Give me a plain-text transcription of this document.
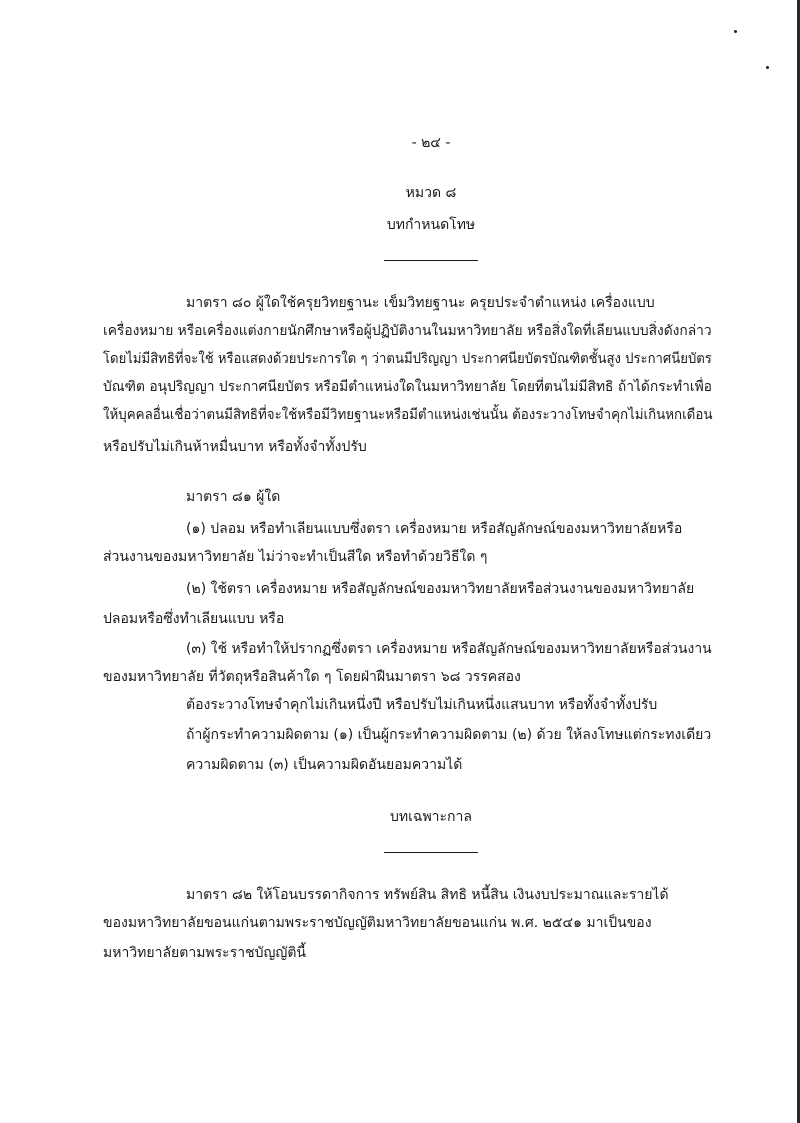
- ๒๔ -
หมวด ๘
บทกำหนดโทษ
มาตรา ๘๐ ผู้ใดใช้ครุยวิทยฐานะ เข็มวิทยฐานะ ครุยประจำตำแหน่ง เครื่องแบบ
เครื่องหมาย หรือเครื่องแต่งกายนักศึกษาหรือผู้ปฏิบัติงานในมหาวิทยาลัย หรือสิ่งใดที่เลียนแบบสิ่งดังกล่าว
โดยไม่มีสิทธิที่จะใช้ หรือแสดงด้วยประการใด ๆ ว่าตนมีปริญญา ประกาศนียบัตรบัณฑิตชั้นสูง ประกาศนียบัตร
บัณฑิต อนุปริญญา ประกาศนียบัตร หรือมีตำแหน่งใดในมหาวิทยาลัย โดยที่ตนไม่มีสิทธิ ถ้าได้กระทำเพื่อ
ให้บุคคลอื่นเชื่อว่าตนมีสิทธิที่จะใช้หรือมีวิทยฐานะหรือมีตำแหน่งเช่นนั้น ต้องระวางโทษจำคุกไม่เกินหกเดือน
หรือปรับไม่เกินห้าหมื่นบาท หรือทั้งจำทั้งปรับ
มาตรา ๘๑ ผู้ใด
(๑) ปลอม หรือทำเลียนแบบซึ่งตรา เครื่องหมาย หรือสัญลักษณ์ของมหาวิทยาลัยหรือ
ส่วนงานของมหาวิทยาลัย ไม่ว่าจะทำเป็นสีใด หรือทำด้วยวิธีใด ๆ
(๒) ใช้ตรา เครื่องหมาย หรือสัญลักษณ์ของมหาวิทยาลัยหรือส่วนงานของมหาวิทยาลัย
ปลอมหรือซึ่งทำเลียนแบบ หรือ
(๓) ใช้ หรือทำให้ปรากฏซึ่งตรา เครื่องหมาย หรือสัญลักษณ์ของมหาวิทยาลัยหรือส่วนงาน
ของมหาวิทยาลัย ที่วัตถุหรือสินค้าใด ๆ โดยฝ่าฝืนมาตรา ๖๘ วรรคสอง
ต้องระวางโทษจำคุกไม่เกินหนึ่งปี หรือปรับไม่เกินหนึ่งแสนบาท หรือทั้งจำทั้งปรับ
ถ้าผู้กระทำความผิดตาม (๑) เป็นผู้กระทำความผิดตาม (๒) ด้วย ให้ลงโทษแต่กระทงเดียว
ความผิดตาม (๓) เป็นความผิดอันยอมความได้
บทเฉพาะกาล
มาตรา ๘๒ ให้โอนบรรดากิจการ ทรัพย์สิน สิทธิ หนี้สิน เงินงบประมาณและรายได้
ของมหาวิทยาลัยขอนแก่นตามพระราชบัญญัติมหาวิทยาลัยขอนแก่น พ.ศ. ๒๕๔๑ มาเป็นของ
มหาวิทยาลัยตามพระราชบัญญัตินี้
